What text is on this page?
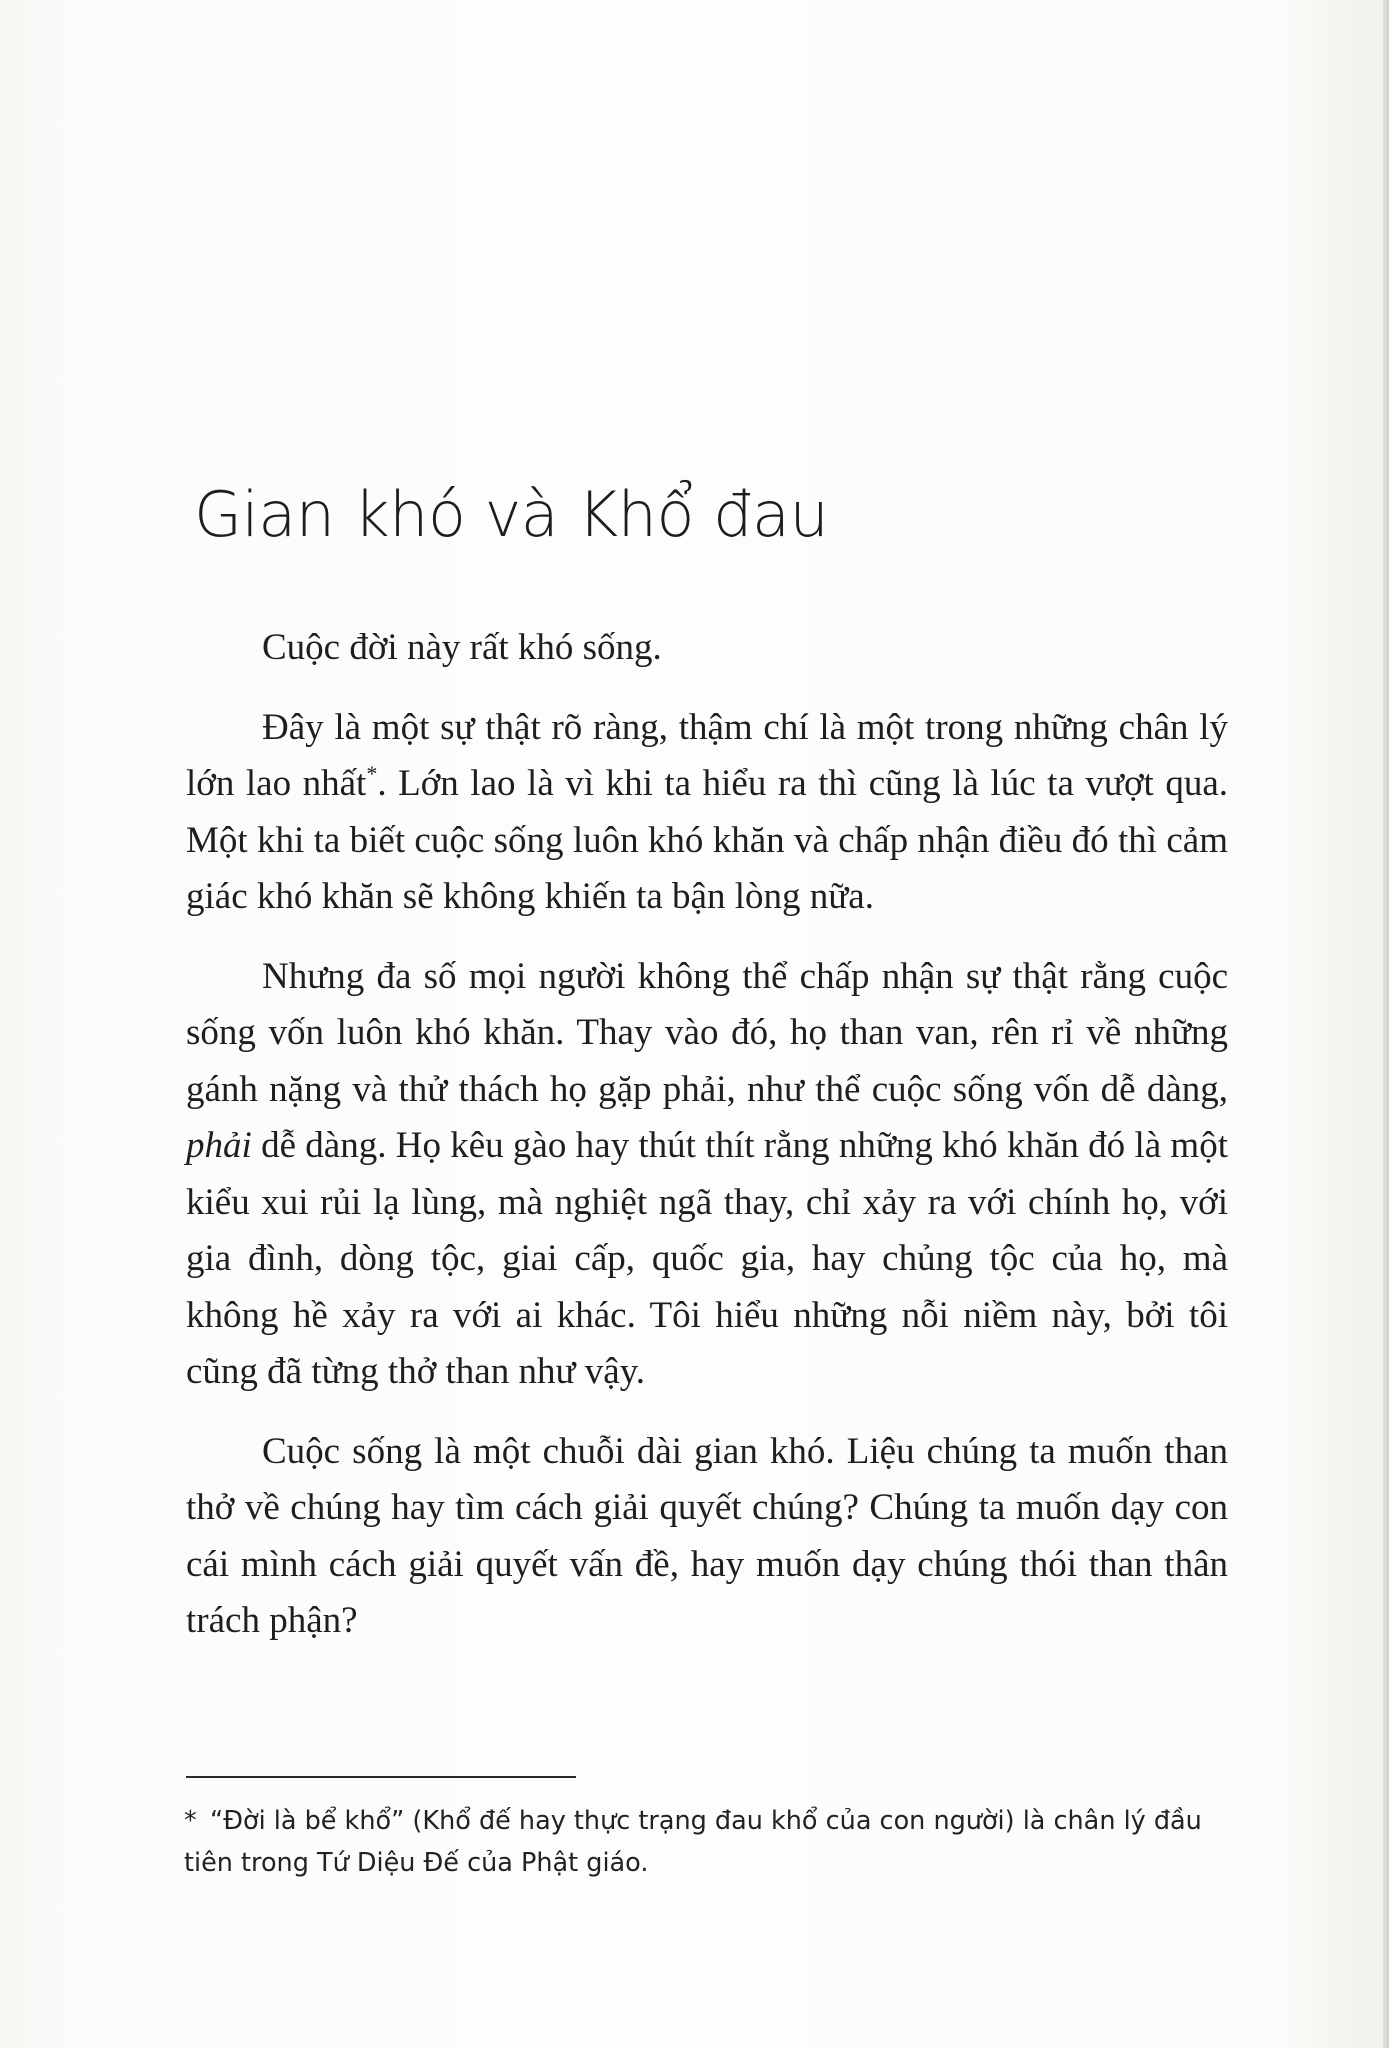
Gian khó và Khổ đau

Cuộc đời này rất khó sống.

Đây là một sự thật rõ ràng, thậm chí là một trong những chân lý lớn lao nhất*. Lớn lao là vì khi ta hiểu ra thì cũng là lúc ta vượt qua. Một khi ta biết cuộc sống luôn khó khăn và chấp nhận điều đó thì cảm giác khó khăn sẽ không khiến ta bận lòng nữa.

Nhưng đa số mọi người không thể chấp nhận sự thật rằng cuộc sống vốn luôn khó khăn. Thay vào đó, họ than van, rên rỉ về những gánh nặng và thử thách họ gặp phải, như thể cuộc sống vốn dễ dàng, phải dễ dàng. Họ kêu gào hay thút thít rằng những khó khăn đó là một kiểu xui rủi lạ lùng, mà nghiệt ngã thay, chỉ xảy ra với chính họ, với gia đình, dòng tộc, giai cấp, quốc gia, hay chủng tộc của họ, mà không hề xảy ra với ai khác. Tôi hiểu những nỗi niềm này, bởi tôi cũng đã từng thở than như vậy.

Cuộc sống là một chuỗi dài gian khó. Liệu chúng ta muốn than thở về chúng hay tìm cách giải quyết chúng? Chúng ta muốn dạy con cái mình cách giải quyết vấn đề, hay muốn dạy chúng thói than thân trách phận?

* “Đời là bể khổ” (Khổ đế hay thực trạng đau khổ của con người) là chân lý đầu tiên trong Tứ Diệu Đế của Phật giáo.
